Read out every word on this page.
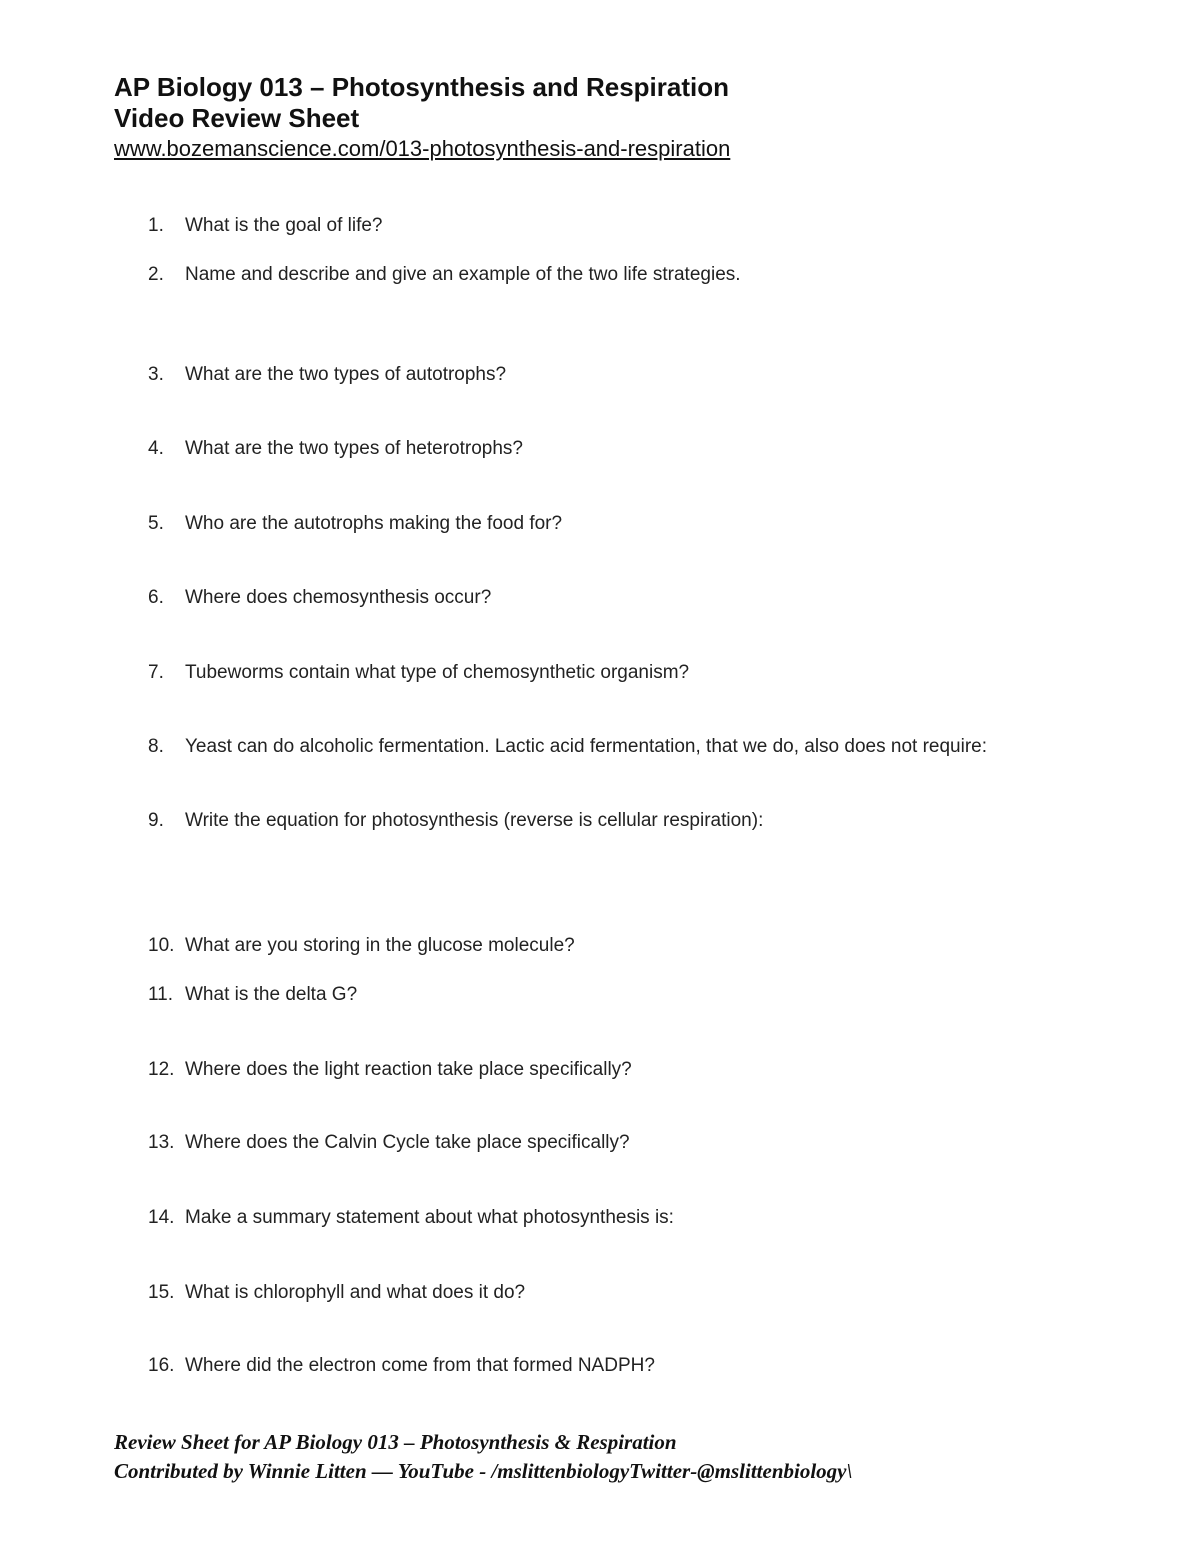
AP Biology 013 – Photosynthesis and Respiration
Video Review Sheet
www.bozemanscience.com/013-photosynthesis-and-respiration
1.	What is the goal of life?
2.	Name and describe and give an example of the two life strategies.
3.	What are the two types of autotrophs?
4.	What are the two types of heterotrophs?
5.	Who are the autotrophs making the food for?
6.	Where does chemosynthesis occur?
7.	Tubeworms contain what type of chemosynthetic organism?
8.	Yeast can do alcoholic fermentation. Lactic acid fermentation, that we do, also does not require:
9.	Write the equation for photosynthesis (reverse is cellular respiration):
10. What are you storing in the glucose molecule?
11. What is the delta G?
12. Where does the light reaction take place specifically?
13. Where does the Calvin Cycle take place specifically?
14. Make a summary statement about what photosynthesis is:
15. What is chlorophyll and what does it do?
16. Where did the electron come from that formed NADPH?
Review Sheet for AP Biology 013 – Photosynthesis & Respiration
Contributed by Winnie Litten — YouTube - /mslittenbiologyTwitter-@mslittenbiology\
